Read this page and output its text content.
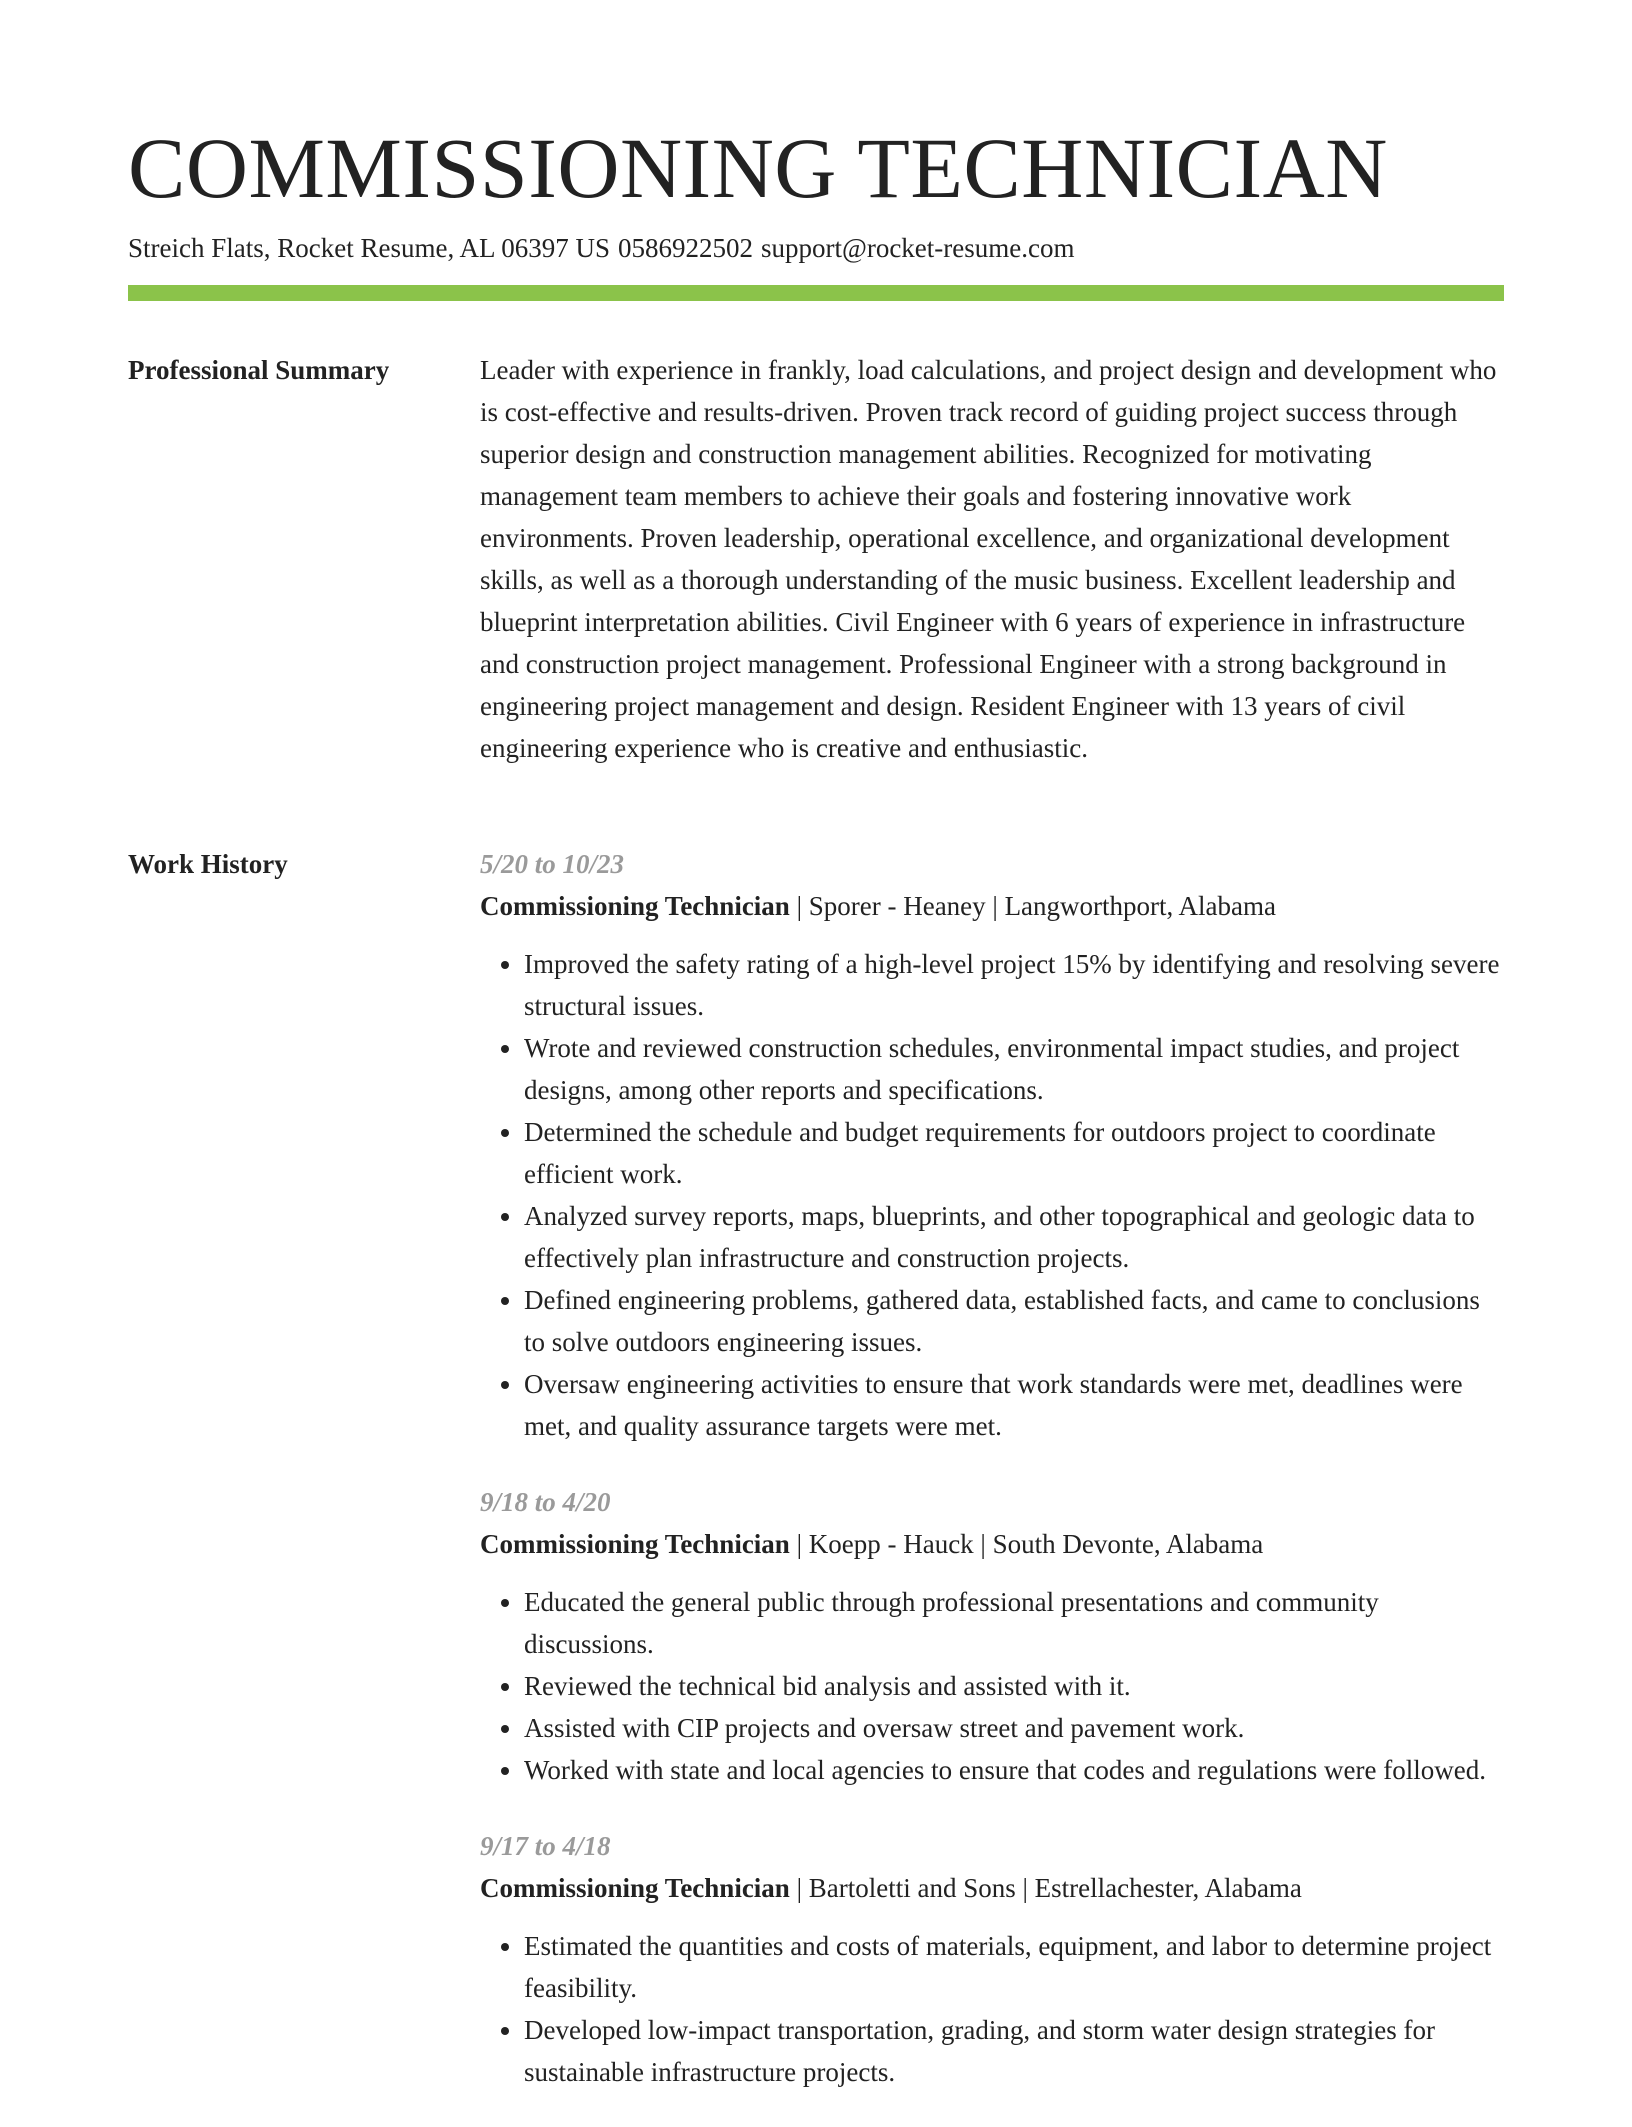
COMMISSIONING TECHNICIAN
Streich Flats, Rocket Resume, AL 06397 US 0586922502 support@rocket-resume.com
Professional Summary	Leader with experience in frankly, load calculations, and project design and development who is cost-effective and results-driven. Proven track record of guiding project success through superior design and construction management abilities. Recognized for motivating management team members to achieve their goals and fostering innovative work environments. Proven leadership, operational excellence, and organizational development skills, as well as a thorough understanding of the music business. Excellent leadership and blueprint interpretation abilities. Civil Engineer with 6 years of experience in infrastructure and construction project management. Professional Engineer with a strong background in engineering project management and design. Resident Engineer with 13 years of civil engineering experience who is creative and enthusiastic.

Work History	5/20 to 10/23
Commissioning Technician | Sporer - Heaney | Langworthport, Alabama
• Improved the safety rating of a high-level project 15% by identifying and resolving severe structural issues.
• Wrote and reviewed construction schedules, environmental impact studies, and project designs, among other reports and specifications.
• Determined the schedule and budget requirements for outdoors project to coordinate efficient work.
• Analyzed survey reports, maps, blueprints, and other topographical and geologic data to effectively plan infrastructure and construction projects.
• Defined engineering problems, gathered data, established facts, and came to conclusions to solve outdoors engineering issues.
• Oversaw engineering activities to ensure that work standards were met, deadlines were met, and quality assurance targets were met.
9/18 to 4/20
Commissioning Technician | Koepp - Hauck | South Devonte, Alabama
• Educated the general public through professional presentations and community discussions.
• Reviewed the technical bid analysis and assisted with it.
• Assisted with CIP projects and oversaw street and pavement work.
• Worked with state and local agencies to ensure that codes and regulations were followed.
9/17 to 4/18
Commissioning Technician | Bartoletti and Sons | Estrellachester, Alabama
• Estimated the quantities and costs of materials, equipment, and labor to determine project feasibility.
• Developed low-impact transportation, grading, and storm water design strategies for sustainable infrastructure projects.
